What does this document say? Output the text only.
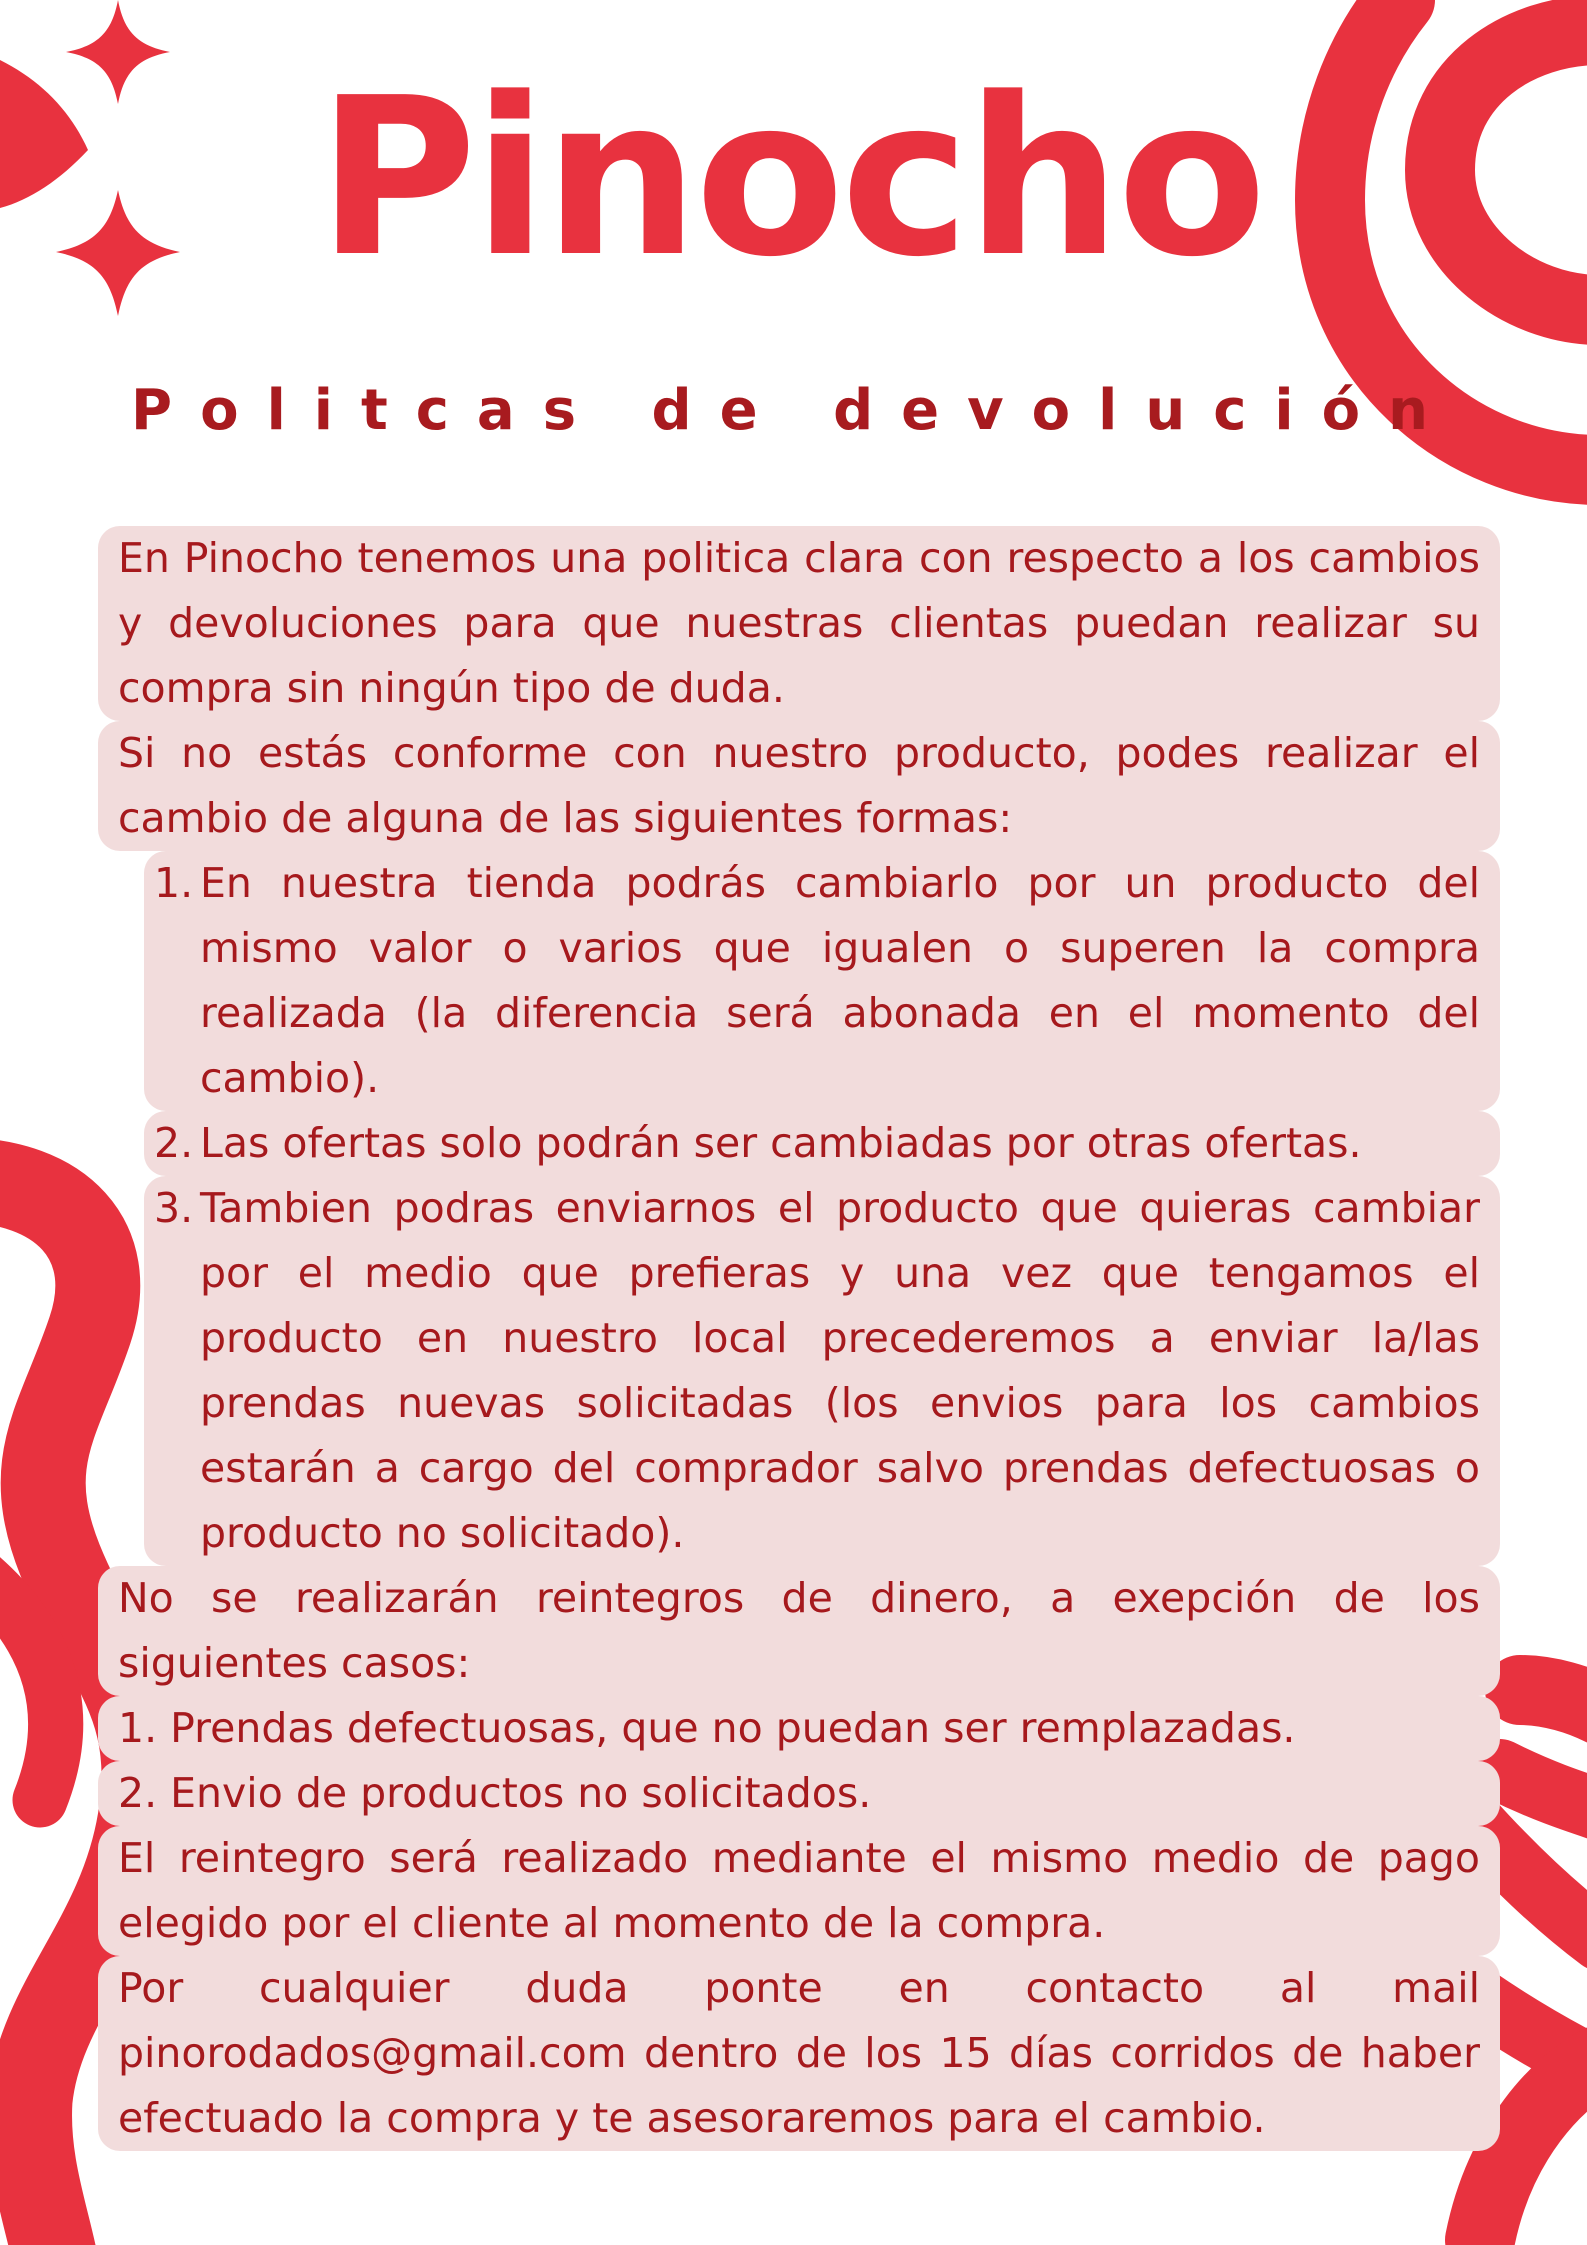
Pinocho
Politcas de devolución
En Pinocho tenemos una politica clara con respecto a los cambios y devoluciones para que nuestras clientas puedan realizar su compra sin ningún tipo de duda.
Si no estás conforme con nuestro producto, podes realizar el cambio de alguna de las siguientes formas:
1. En nuestra tienda podrás cambiarlo por un producto del mismo valor o varios que igualen o superen la compra realizada (la diferencia será abonada en el momento del cambio).
2. Las ofertas solo podrán ser cambiadas por otras ofertas.
3. Tambien podras enviarnos el producto que quieras cambiar por el medio que prefieras y una vez que tengamos el producto en nuestro local precederemos a enviar la/las prendas nuevas solicitadas (los envios para los cambios estarán a cargo del comprador salvo prendas defectuosas o producto no solicitado).
No se realizarán reintegros de dinero, a exepción de los siguientes casos:
1. Prendas defectuosas, que no puedan ser remplazadas.
2. Envio de productos no solicitados.
El reintegro será realizado mediante el mismo medio de pago elegido por el cliente al momento de la compra.
Por cualquier duda ponte en contacto al mail pinorodados@gmail.com dentro de los 15 días corridos de haber efectuado la compra y te asesoraremos para el cambio.
